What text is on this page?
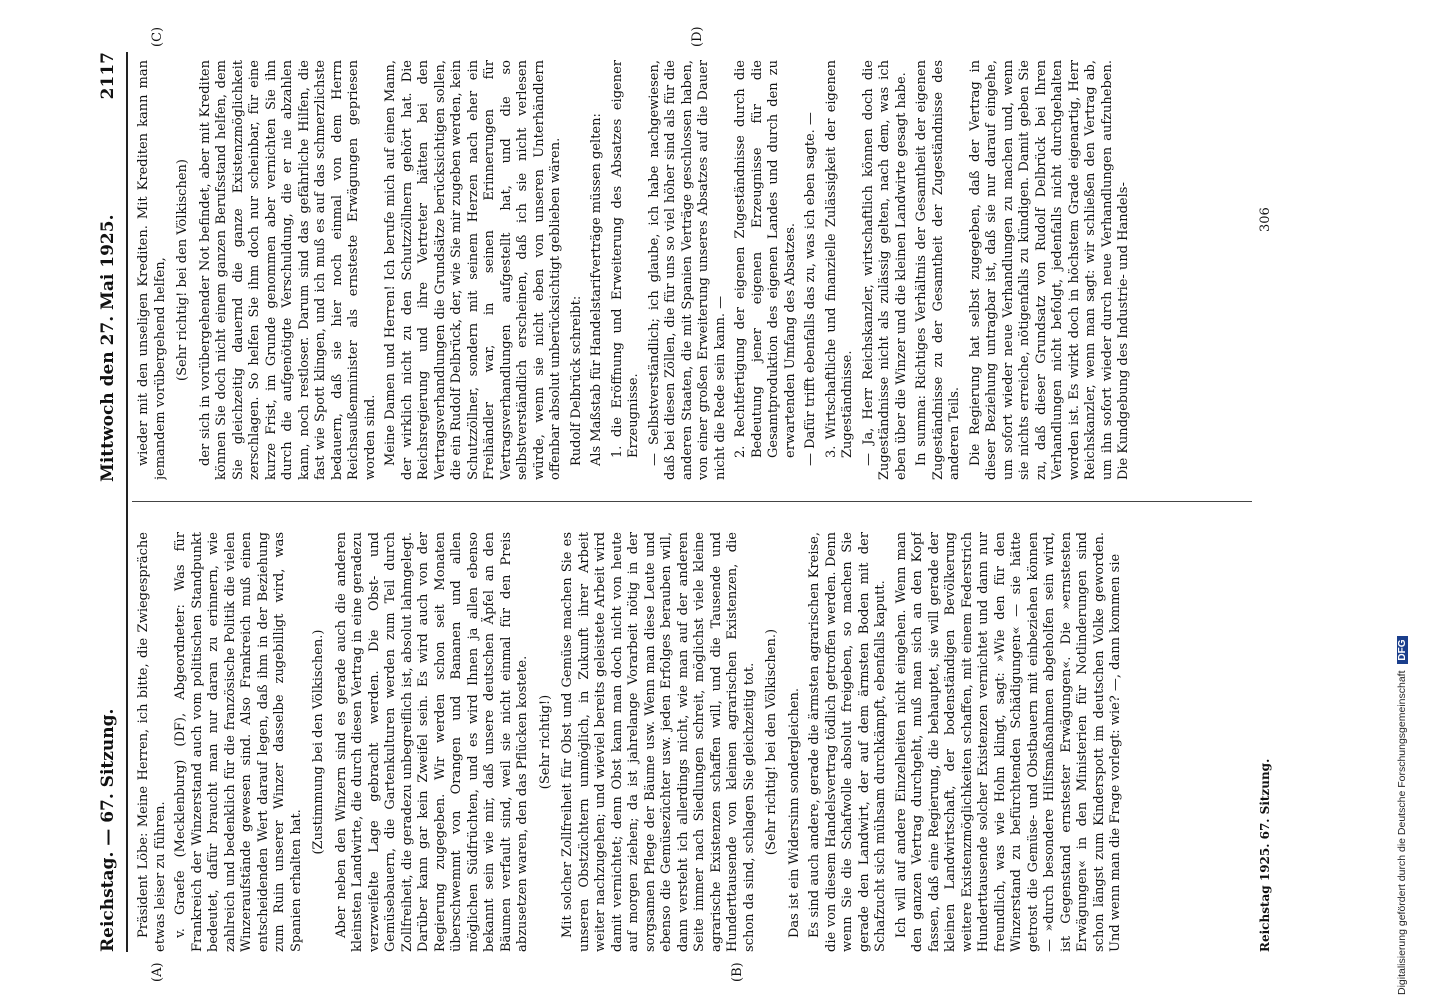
Reichstag. — 67. Sitzung.
Mittwoch den 27. Mai 1925.
2117
(A)	(B)
(C)	(D)

Präsident Löbe: Meine Herren, ich bitte, die Zwiegespräche etwas leiser zu führen. v. Graefe (Mecklenburg) (DF), Abgeordneter: Was für Frankreich der Winzerstand auch vom politischen Standpunkt bedeutet, dafür braucht man nur daran zu erinnern, wie zahlreich und bedenklich für die französische Politik die vielen Winzeraufstände gewesen sind. Also Frankreich muß einen entscheidenden Wert darauf legen, daß ihm in der Beziehung zum Ruin unserer Winzer dasselbe zugebilligt wird, was Spanien erhalten hat.

(Zustimmung bei den Völkischen.) Aber neben den Winzern sind es gerade auch die anderen kleinsten Landwirte, die durch diesen Vertrag in eine geradezu verzweifelte Lage gebracht werden. Die Obst- und Gemüsebauern, die Gartenkulturen werden zum Teil durch Zollfreiheit, die geradezu unbegreiflich ist, absolut lahmgelegt. Darüber kann gar kein Zweifel sein. Es wird auch von der Regierung zugegeben. Wir werden schon seit Monaten überschwemmt von Orangen und Bananen und allen möglichen Südfrüchten, und es wird Ihnen ja allen ebenso bekannt sein wie mir, daß unsere deutschen Äpfel an den Bäumen verfault sind, weil sie nicht einmal für den Preis abzusetzen waren, den das Pflücken kostete. (Sehr richtig!) Mit solcher Zollfreiheit für Obst und Gemüse machen Sie es unseren Obstzüchtern unmöglich, in Zukunft ihrer Arbeit weiter nachzugehen; und wieviel bereits geleistete Arbeit wird damit vernichtet; denn Obst kann man doch nicht von heute auf morgen ziehen; da ist jahrelange Vorarbeit nötig in der sorgsamen Pflege der Bäume usw. Wenn man diese Leute und ebenso die Gemüsezüchter usw. jeden Erfolges berauben will, dann versteht ich allerdings nicht, wie man auf der anderen Seite immer nach Siedlungen schreit, möglichst viele kleine agrarische Existenzen schaffen will, und die Tausende und Hunderttausende von kleinen agrarischen Existenzen, die schon da sind, schlagen Sie gleichzeitig tot. (Sehr richtig! bei den Völkischen.) Das ist ein Widersinn sondergleichen. Es sind auch andere, gerade die ärmsten agrarischen Kreise, die von diesem Handelsvertrag tödlich getroffen werden. Denn wenn Sie die Schafwolle absolut freigeben, so machen Sie gerade den Landwirt, der auf dem ärmsten Boden mit der Schafzucht sich mühsam durchkämpft, ebenfalls kaputt. Ich will auf andere Einzelheiten nicht eingehen. Wenn man den ganzen Vertrag durchgeht, muß man sich an den Kopf fassen, daß eine Regierung, die behauptet, sie will gerade der kleinen Landwirtschaft, der bodenständigen Bevölkerung weitere Existenzmöglichkeiten schaffen, mit einem Federstrich Hunderttausende solcher Existenzen vernichtet und dann nur freundlich, was wie Hohn klingt, sagt: »Wie den für den Winzerstand zu befürchtenden Schädigungen« — sie hätte getrost die Gemüse- und Obstbauern mit einbeziehen können — »durch besondere Hilfsmaßnahmen abgeholfen sein wird, ist Gegenstand ernstester Erwägungen«. Die »ernstesten Erwägungen« in den Ministerien für Notlinderungen sind schon längst zum Kinderspott im deutschen Volke geworden. Und wenn man die Frage vorlegt: wie? —, dann kommen sie

wieder mit den unseligen Krediten. Mit Krediten kann man jemandem vorübergehend helfen, (Sehr richtig! bei den Völkischen) der sich in vorübergehender Not befindet, aber mit Krediten können Sie doch nicht einem ganzen Berufsstand helfen, dem Sie gleichzeitig dauernd die ganze Existenzmöglichkeit zerschlagen. So helfen Sie ihm doch nur scheinbar, für eine kurze Frist, im Grunde genommen aber vernichten Sie ihn durch die aufgenötigte Verschuldung, die er nie abzahlen kann, noch restloser. Darum sind das gefährliche Hilfen, die fast wie Spott klingen, und ich muß es auf das schmerzlichste bedauern, daß sie hier noch einmal von dem Herrn Reichsaußenminister als ernsteste Erwägungen gepriesen worden sind. Meine Damen und Herren! Ich berufe mich auf einen Mann, der wirklich nicht zu den Schutzzöllnern gehört hat. Die Reichsregierung und ihre Vertreter hätten bei den Vertragsverhandlungen die Grundsätze berücksichtigen sollen, die ein Rudolf Delbrück, der, wie Sie mir zugeben werden, kein Schutzzöllner, sondern mit seinem Herzen nach eher ein Freihändler war, in seinen Erinnerungen für Vertragsverhandlungen aufgestellt hat, und die so selbstverständlich erscheinen, daß ich sie nicht verlesen würde, wenn sie nicht eben von unseren Unterhändlern offenbar absolut unberücksichtigt geblieben wären. Rudolf Delbrück schreibt: Als Maßstab für Handelstarifverträge müssen gelten: 1. die Eröffnung und Erweiterung des Absatzes eigener Erzeugnisse. — Selbstverständlich; ich glaube, ich habe nachgewiesen, daß bei diesen Zöllen, die für uns so viel höher sind als für die anderen Staaten, die mit Spanien Verträge geschlossen haben, von einer großen Erweiterung unseres Absatzes auf die Dauer nicht die Rede sein kann. — 2. Rechtfertigung der eigenen Zugeständnisse durch die Bedeutung jener eigenen Erzeugnisse für die Gesamtproduktion des eigenen Landes und durch den zu erwartenden Umfang des Absatzes. — Dafür trifft ebenfalls das zu, was ich eben sagte. — 3. Wirtschaftliche und finanzielle Zulässigkeit der eigenen Zugeständnisse. — Ja, Herr Reichskanzler, wirtschaftlich können doch die Zugeständnisse nicht als zulässig gelten, nach dem, was ich eben über die Winzer und die kleinen Landwirte gesagt habe. In summa: Richtiges Verhältnis der Gesamtheit der eigenen Zugeständnisse zu der Gesamtheit der Zugeständnisse des anderen Teils. Die Regierung hat selbst zugegeben, daß der Vertrag in dieser Beziehung untragbar ist, daß sie nur darauf eingehe, um sofort wieder neue Verhandlungen zu machen und, wenn sie nichts erreiche, nötigenfalls zu kündigen. Damit geben Sie zu, daß dieser Grundsatz von Rudolf Delbrück bei Ihren Verhandlungen nicht befolgt, jedenfalls nicht durchgehalten worden ist. Es wirkt doch in höchstem Grade eigenartig, Herr Reichskanzler, wenn man sagt: wir schließen den Vertrag ab, um ihn sofort wieder durch neue Verhandlungen aufzuheben. Die Kundgebung des Industrie- und Handels-

Reichstag 1925. 67. Sitzung.
306
Digitalisierung gefördert durch die Deutsche Forschungsgemeinschaft DFG
